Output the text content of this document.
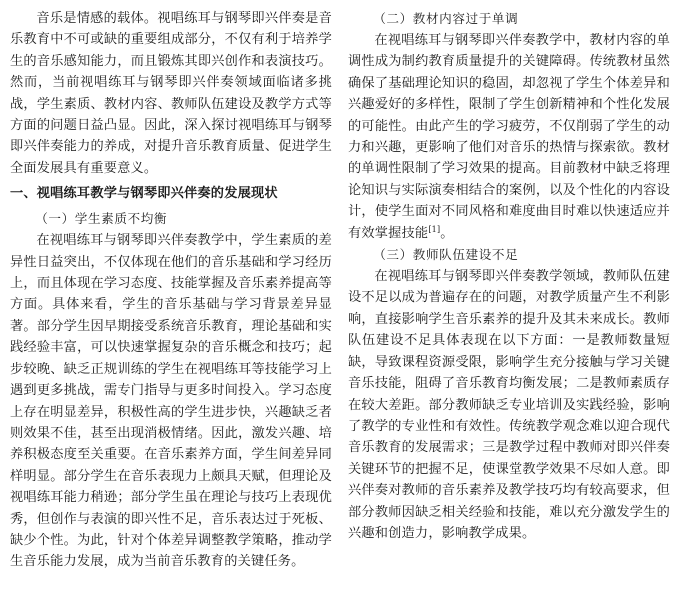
音乐是情感的载体。视唱练耳与钢琴即兴伴奏是音乐教育中不可或缺的重要组成部分，不仅有利于培养学生的音乐感知能力，而且锻炼其即兴创作和表演技巧。然而，当前视唱练耳与钢琴即兴伴奏领域面临诸多挑战，学生素质、教材内容、教师队伍建设及教学方式等方面的问题日益凸显。因此，深入探讨视唱练耳与钢琴即兴伴奏能力的养成，对提升音乐教育质量、促进学生全面发展具有重要意义。

一、视唱练耳教学与钢琴即兴伴奏的发展现状
（一）学生素质不均衡

在视唱练耳与钢琴即兴伴奏教学中，学生素质的差异性日益突出，不仅体现在他们的音乐基础和学习经历上，而且体现在学习态度、技能掌握及音乐素养提高等方面。具体来看，学生的音乐基础与学习背景差异显著。部分学生因早期接受系统音乐教育，理论基础和实践经验丰富，可以快速掌握复杂的音乐概念和技巧；起步较晚、缺乏正规训练的学生在视唱练耳等技能学习上遇到更多挑战，需专门指导与更多时间投入。学习态度上存在明显差异，积极性高的学生进步快，兴趣缺乏者则效果不佳，甚至出现消极情绪。因此，激发兴趣、培养积极态度至关重要。在音乐素养方面，学生间差异同样明显。部分学生在音乐表现力上颇具天赋，但理论及视唱练耳能力稍逊；部分学生虽在理论与技巧上表现优秀，但创作与表演的即兴性不足，音乐表达过于死板、缺少个性。为此，针对个体差异调整教学策略，推动学生音乐能力发展，成为当前音乐教育的关键任务。

（二）教材内容过于单调

在视唱练耳与钢琴即兴伴奏教学中，教材内容的单调性成为制约教育质量提升的关键障碍。传统教材虽然确保了基础理论知识的稳固，却忽视了学生个体差异和兴趣爱好的多样性，限制了学生创新精神和个性化发展的可能性。由此产生的学习疲劳，不仅削弱了学生的动力和兴趣，更影响了他们对音乐的热情与探索欲。教材的单调性限制了学习效果的提高。目前教材中缺乏将理论知识与实际演奏相结合的案例，以及个性化的内容设计，使学生面对不同风格和难度曲目时难以快速适应并有效掌握技能[1]。

（三）教师队伍建设不足

在视唱练耳与钢琴即兴伴奏教学领域，教师队伍建设不足以成为普遍存在的问题，对教学质量产生不利影响，直接影响学生音乐素养的提升及其未来成长。教师队伍建设不足具体表现在以下方面：一是教师数量短缺，导致课程资源受限，影响学生充分接触与学习关键音乐技能，阻碍了音乐教育均衡发展；二是教师素质存在较大差距。部分教师缺乏专业培训及实践经验，影响了教学的专业性和有效性。传统教学观念难以迎合现代音乐教育的发展需求；三是教学过程中教师对即兴伴奏关键环节的把握不足，使课堂教学效果不尽如人意。即兴伴奏对教师的音乐素养及教学技巧均有较高要求，但部分教师因缺乏相关经验和技能，难以充分激发学生的兴趣和创造力，影响教学成果。
